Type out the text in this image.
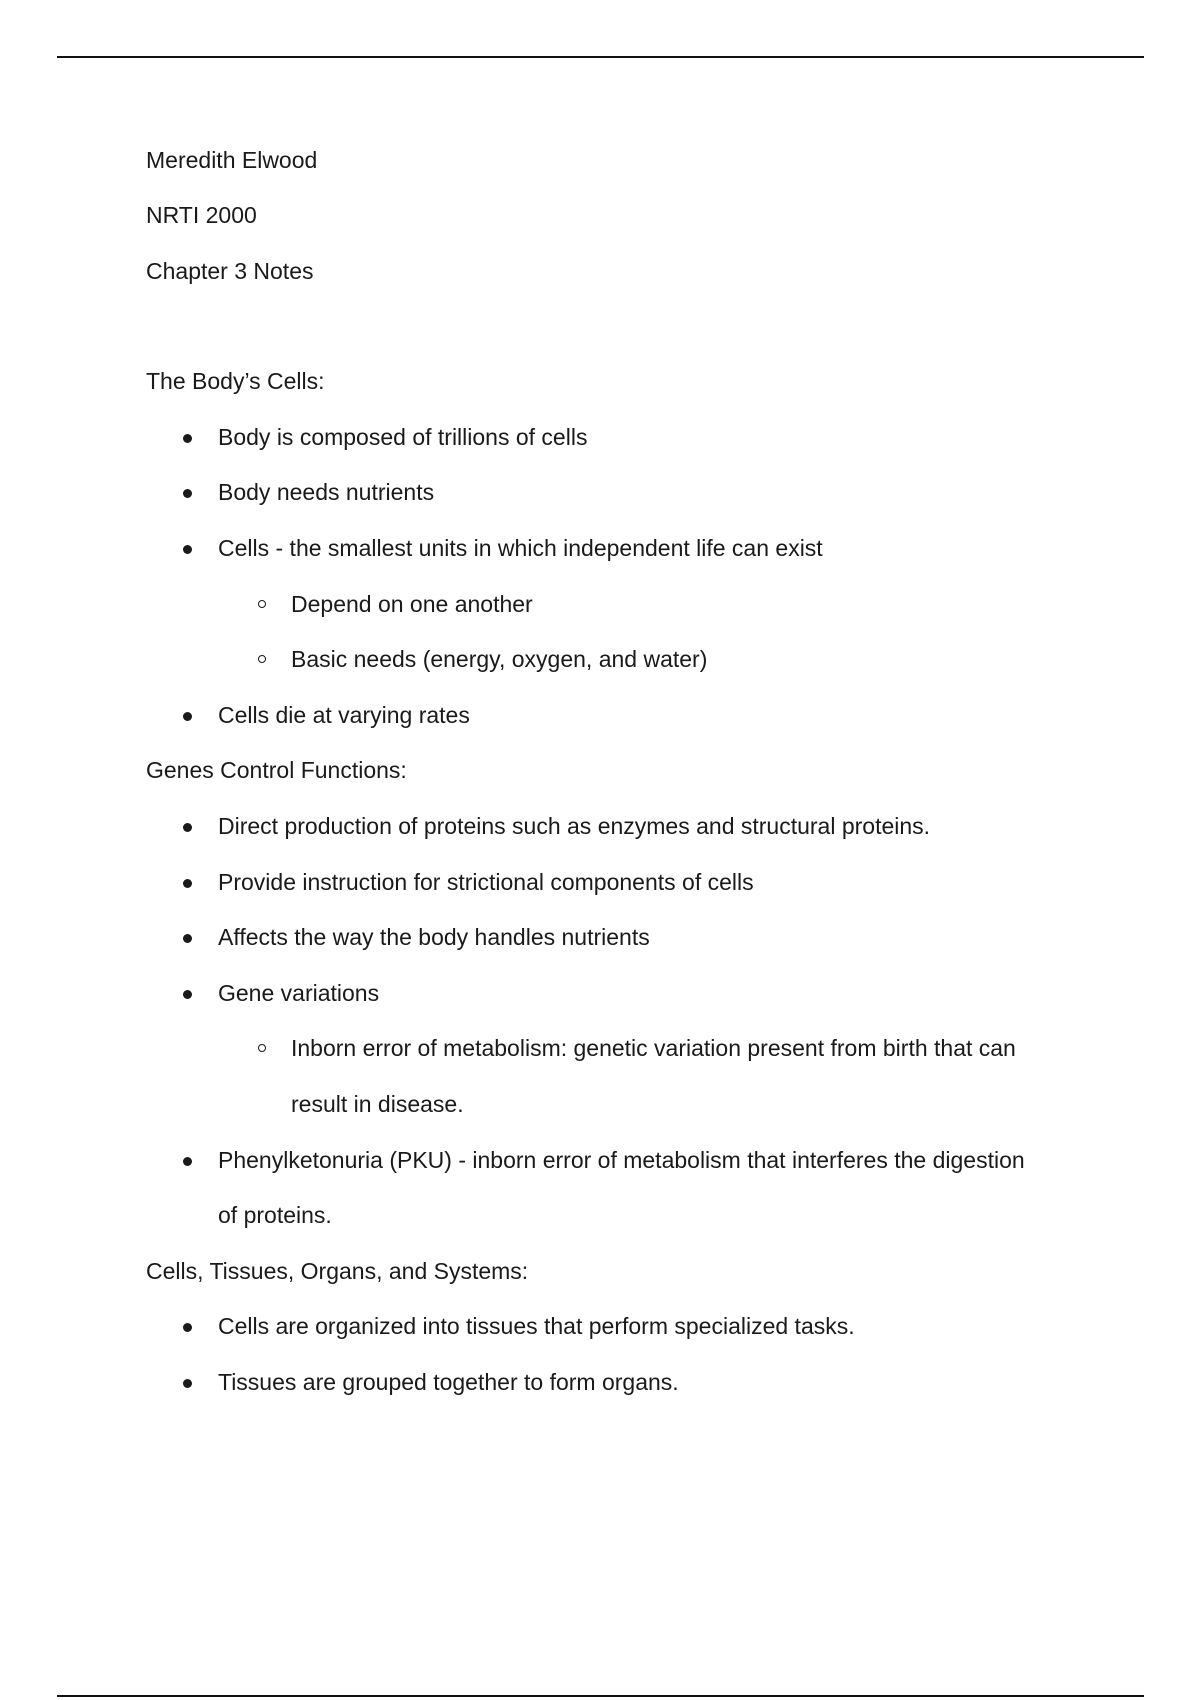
Meredith Elwood
NRTI 2000
Chapter 3 Notes
The Body’s Cells:
Body is composed of trillions of cells
Body needs nutrients
Cells - the smallest units in which independent life can exist
Depend on one another
Basic needs (energy, oxygen, and water)
Cells die at varying rates
Genes Control Functions:
Direct production of proteins such as enzymes and structural proteins.
Provide instruction for strictional components of cells
Affects the way the body handles nutrients
Gene variations
Inborn error of metabolism: genetic variation present from birth that can
result in disease.
Phenylketonuria (PKU) - inborn error of metabolism that interferes the digestion
of proteins.
Cells, Tissues, Organs, and Systems:
Cells are organized into tissues that perform specialized tasks.
Tissues are grouped together to form organs.
